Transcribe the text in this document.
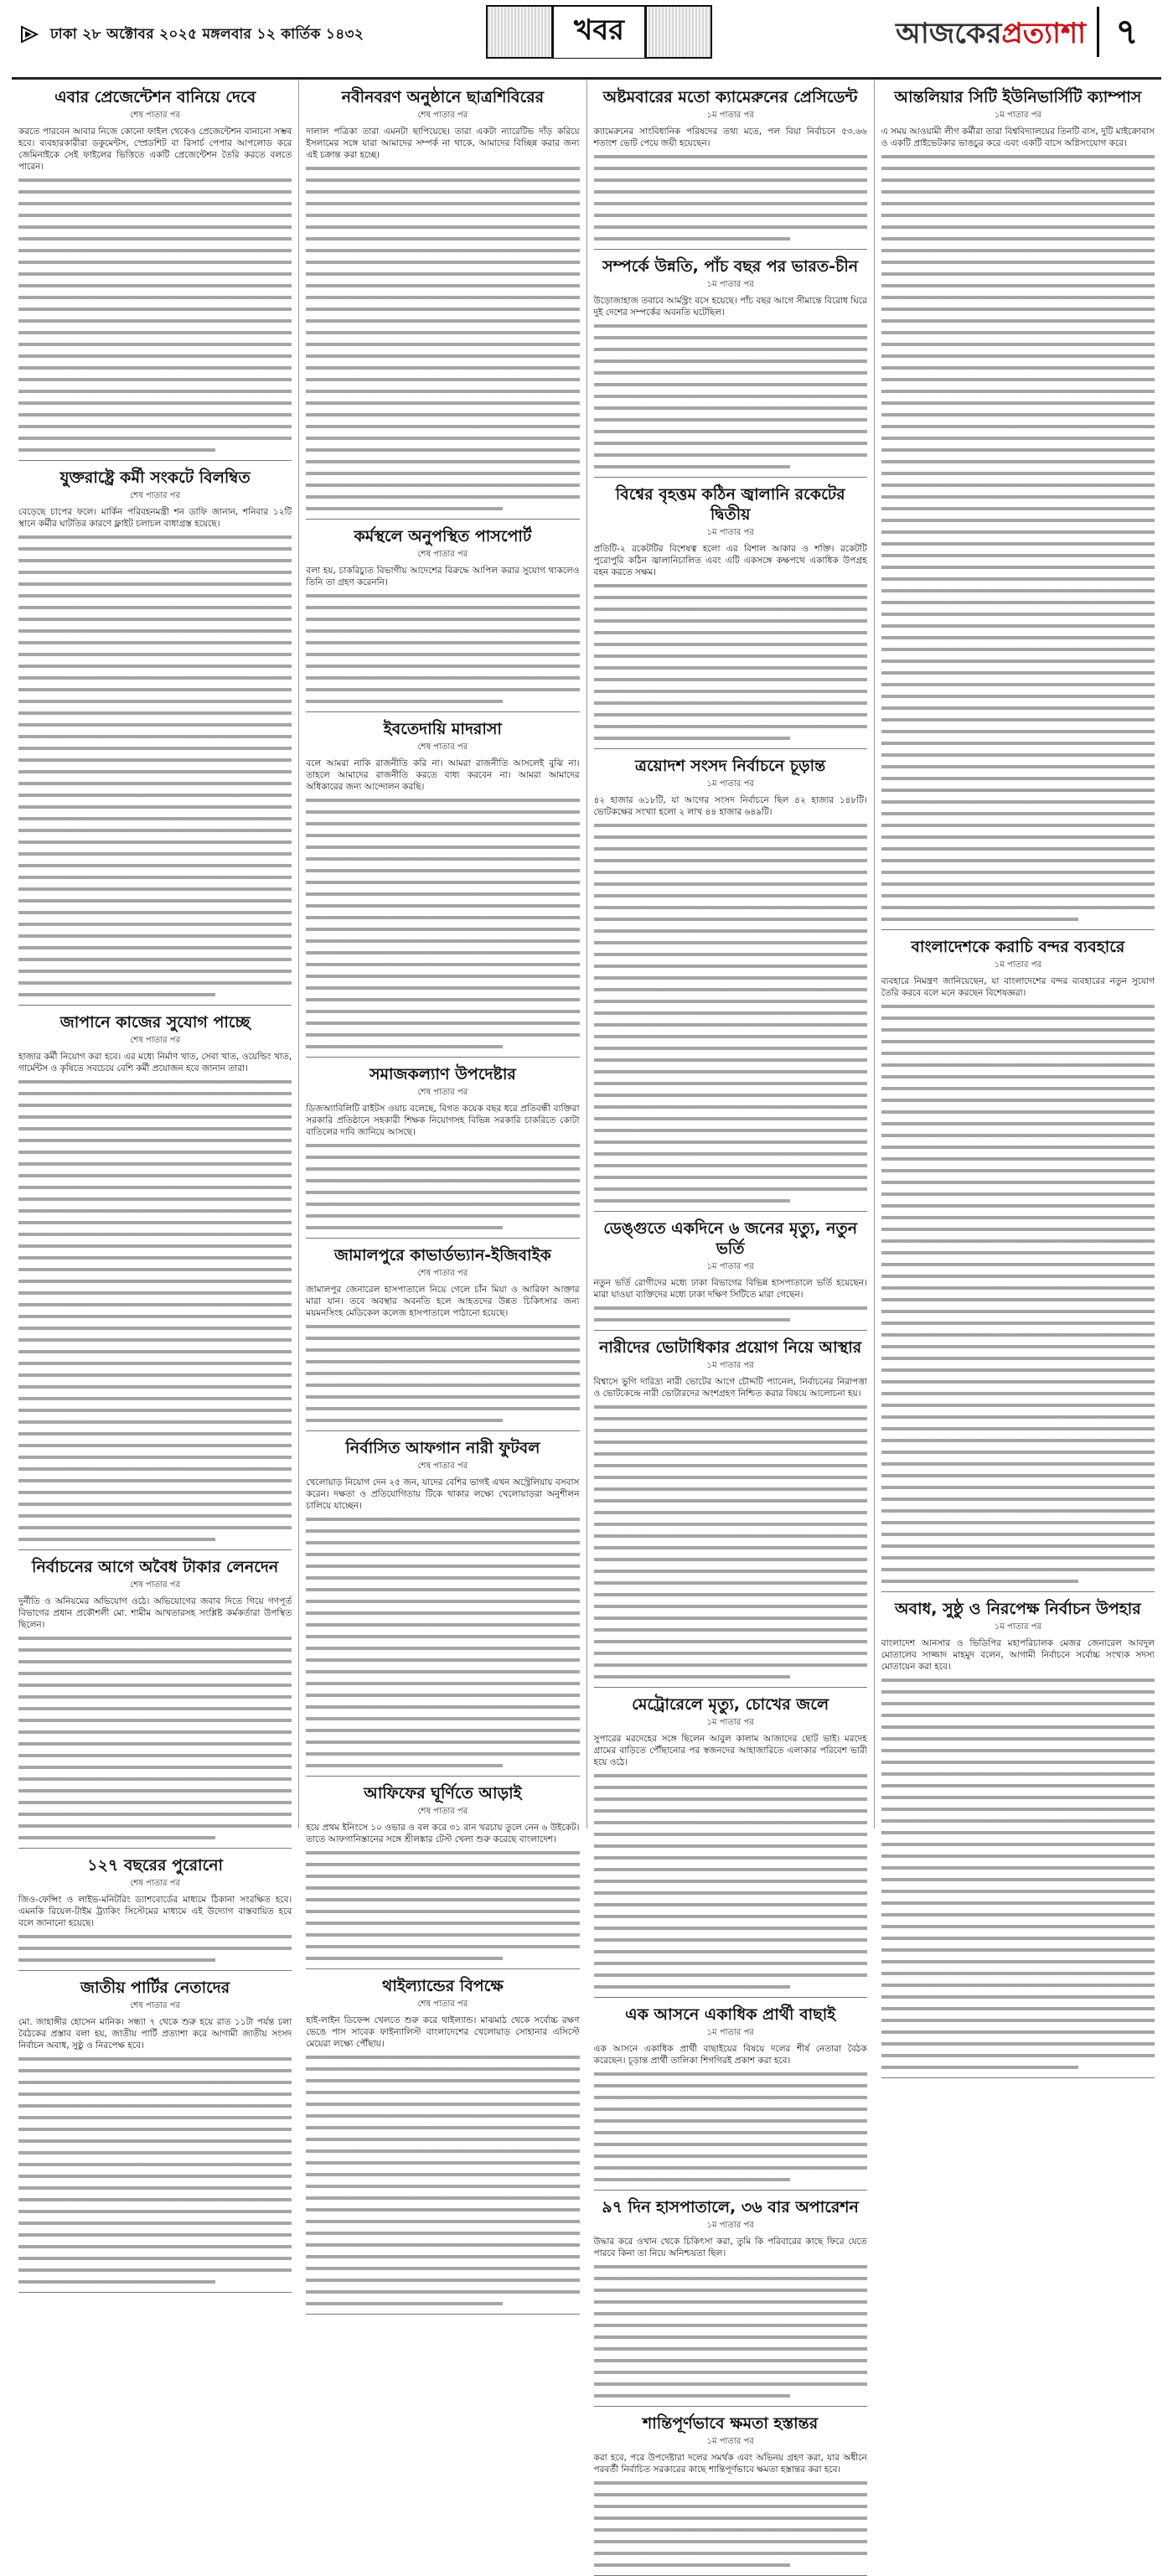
ঢাকা ২৮ অক্টোবর ২০২৫ মঙ্গলবার ১২ কার্তিক ১৪৩২	খবর	আজকেরপ্রত্যাশা ৭
এবার প্রেজেন্টেশন বানিয়ে দেবে
শেষ পাতার পর

করতে পারবেন আবার নিজে কোনো ফাইল থেকেও প্রেজেন্টেশন বানানো সম্ভব হবে। ব্যবহারকারীরা ডকুমেন্টস, স্প্রেডশিট বা রিসার্চ পেপার আপলোড করে জেমিনাইকে সেই ফাইলের ভিত্তিতে একটি প্রেজেন্টেশন তৈরি করতে বলতে পারেন।

যুক্তরাষ্ট্রে কর্মী সংকটে বিলম্বিত
শেষ পাতার পর

বেড়েছে চাপের ফলে। মার্কিন পরিবহনমন্ত্রী শন ডাফি জানান, শনিবার ১২টি স্থানে কর্মীর ঘাটতির কারণে ফ্লাইট চলাচল বাধাগ্রস্ত হয়েছে।

জাপানে কাজের সুযোগ পাচ্ছে
শেষ পাতার পর

হাজার কর্মী নিয়োগ করা হবে। এর মধ্যে নির্মাণ খাত, সেবা খাত, ওয়েল্ডিং খাত, গার্মেন্টস ও কৃষিতে সবচেয়ে বেশি কর্মী প্রয়োজন হবে জানান তারা।

নির্বাচনের আগে অবৈধ টাকার লেনদেন
শেষ পাতার পর

দুর্নীতি ও অনিয়মের অভিযোগ ওঠে। অভিযোগের জবাব দিতে গিয়ে গণপূর্ত বিভাগের প্রধান প্রকৌশলী মো. শামীম আখতারসহ সংশ্লিষ্ট কর্মকর্তারা উপস্থিত ছিলেন।

১২৭ বছরের পুরোনো
শেষ পাতার পর

জিও-ফেন্সিং ও লাইভ-মনিটরিং ড্যাশবোর্ডের মাধ্যমে ঠিকানা সংরক্ষিত হবে। এমনকি রিয়েল-টাইম ট্র্যাকিং সিস্টেমের মাধ্যমে এই উদ্যোগ বাস্তবায়িত হবে বলে জানানো হয়েছে।

জাতীয় পার্টির নেতাদের
শেষ পাতার পর

মো. জাহাঙ্গীর হোসেন মানিক। সন্ধ্যা ৭ থেকে শুরু হয়ে রাত ১১টা পর্যন্ত চলা বৈঠকের প্রস্তাব বলা হয়, জাতীয় পার্টি প্রত্যাশা করে আগামী জাতীয় সংসদ নির্বাচন অবাধ, সুষ্ঠু ও নিরপেক্ষ হবে।

নবীনবরণ অনুষ্ঠানে ছাত্রশিবিরের
শেষ পাতার পর

দালাল পত্রিকা তারা এমনটা ছাপিয়েছে। তারা একটা ন্যারেটিভ দাঁড় করিয়ে ইসলামের সঙ্গে যারা আমাদের সম্পর্ক না থাকে, আমাদের বিচ্ছিন্ন করার জন্য এই চক্রান্ত করা হচ্ছে।

কর্মস্থলে অনুপস্থিত পাসপোর্ট
শেষ পাতার পর

বলা হয়, চাকরিচ্যুত বিভাগীয় আদেশের বিরুদ্ধে আপিল করার সুযোগ থাকলেও তিনি তা গ্রহণ করেননি।

ইবতেদায়ি মাদরাসা
শেষ পাতার পর

বলে আমরা নাকি রাজনীতি করি না। আমরা রাজনীতি আসলেই বুঝি না। তাহলে আমাদের রাজনীতি করতে বাধ্য করবেন না। আমরা আমাদের অধিকারের জন্য আন্দোলন করছি।

সমাজকল্যাণ উপদেষ্টার
শেষ পাতার পর

ডিজঅ্যাবিলিটি রাইটস ওয়াচ বলেছে, বিগত কয়েক বছর ধরে প্রতিবন্ধী ব্যক্তিরা সরকারি প্রতিষ্ঠানে সহকারী শিক্ষক নিয়োগসহ বিভিন্ন সরকারি চাকরিতে কোটা বাতিলের দাবি জানিয়ে আসছে।

জামালপুরে কাভার্ডভ্যান-ইজিবাইক
শেষ পাতার পর

জামালপুর জেনারেল হাসপাতালে নিয়ে গেলে চাঁন মিয়া ও আরিফা আক্তার মারা যান। তবে অবস্থার অবনতি হলে আহতদের উন্নত চিকিৎসার জন্য ময়মনসিংহ মেডিকেল কলেজ হাসপাতালে পাঠানো হয়েছে।

নির্বাসিত আফগান নারী ফুটবল
শেষ পাতার পর

খেলোয়াড় নিয়োগ দেন ২৫ জন, যাদের বেশির ভাগই এখন অস্ট্রেলিয়ায় বসবাস করেন। দক্ষতা ও প্রতিযোগিতায় টিকে থাকার লক্ষ্যে খেলোয়াড়রা অনুশীলন চালিয়ে যাচ্ছেন।

আফিফের ঘূর্ণিতে আড়াই
শেষ পাতার পর

হয়ে প্রথম ইনিংসে ১০ ওভার ও বল করে ৩১ রান খরচায় তুলে নেন ৬ উইকেট। তাতে আফগানিস্তানের সঙ্গে শ্রীলঙ্কার টেস্ট খেলা শুরু করেছে বাংলাদেশ।

থাইল্যান্ডের বিপক্ষে
শেষ পাতার পর

হাই-লাইন ডিফেন্স খেলতে শুরু করে থাইল্যান্ড। মাঝমাঠ থেকে সর্বোচ্চ রক্ষণ ভেঙে পাস সাবেক ফাইন্যালিস্ট বাংলাদেশের খেলোয়াড় সোহানার এসিস্টে মেয়েরা লক্ষ্যে পৌঁছায়।

অষ্টমবারের মতো ক্যামেরুনের প্রেসিডেন্ট
১ম পাতার পর

ক্যামেরুনের সাংবিধানিক পরিষদের তথ্য মতে, পল বিয়া নির্বাচনে ৫৩.৬৬ শতাংশ ভোট পেয়ে জয়ী হয়েছেন।

সম্পর্কে উন্নতি, পাঁচ বছর পর ভারত-চীন
১ম পাতার পর

উড়োজাহাজ তবাবে আর্মস্ট্রং বসে হয়েছে। পাঁচ বছর আগে সীমান্তে বিরোধ ঘিরে দুই দেশের সম্পর্কের অবনতি ঘটেছিল।

বিশ্বের বৃহত্তম কঠিন জ্বালানি রকেটের দ্বিতীয়
১ম পাতার পর

প্রতিটি-২ রকেটটির বিশেষত্ব হলো এর বিশাল আকার ও শক্তি। রকেটটি পুরোপুরি কঠিন জ্বালানিচালিত এবং এটি একসঙ্গে কক্ষপথে একাধিক উপগ্রহ বহন করতে সক্ষম।

ত্রয়োদশ সংসদ নির্বাচনে চূড়ান্ত
১ম পাতার পর

৪২ হাজার ৬১৮টি, যা আগের সংসদ নির্বাচনে ছিল ৪২ হাজার ১৪৮টি। ভোটকক্ষের সংখ্যা হলো ২ লাখ ৪৪ হাজার ৬৪৯টি।

ডেঙ্গুতে একদিনে ৬ জনের মৃত্যু, নতুন ভর্তি
১ম পাতার পর

নতুন ভর্তি রোগীদের মধ্যে ঢাকা বিভাগের বিভিন্ন হাসপাতালে ভর্তি হয়েছেন। মারা যাওয়া ব্যক্তিদের মধ্যে ঢাকা দক্ষিণ সিটিতে মারা গেছেন।

নারীদের ভোটাধিকার প্রয়োগ নিয়ে আস্থার
১ম পাতার পর

বিশ্বাসে ভুগি দারিদ্র্য নারী ভোটের আগে চৌদ্দটি প্যানেল, নির্বাচনের নিরাপত্তা ও ভোটকেন্দ্রে নারী ভোটারদের অংশগ্রহণ নিশ্চিত করার বিষয়ে আলোচনা হয়।

মেট্রোরেলে মৃত্যু, চোখের জলে
১ম পাতার পর

সুপারের মরদেহের সঙ্গে ছিলেন আবুল কালাম আজাদের ছোট ভাই। মরদেহ গ্রামের বাড়িতে পৌঁছানোর পর স্বজনদের আহাজারিতে এলাকার পরিবেশ ভারী হয়ে ওঠে।

এক আসনে একাধিক প্রার্থী বাছাই
১ম পাতার পর

এক আসনে একাধিক প্রার্থী বাছাইয়ের বিষয়ে দলের শীর্ষ নেতারা বৈঠক করেছেন। চূড়ান্ত প্রার্থী তালিকা শিগগিরই প্রকাশ করা হবে।

৯৭ দিন হাসপাতালে, ৩৬ বার অপারেশন
১ম পাতার পর

উদ্ধার করে ওখান থেকে চিকিৎসা করা, তুমি কি পরিবারের কাছে ফিরে যেতে পারবে কিনা তা নিয়ে অনিশ্চয়তা ছিল।

শান্তিপূর্ণভাবে ক্ষমতা হস্তান্তর
১ম পাতার পর

করা হবে, পরে উপদেষ্টারা দলের সমর্থক এবং অভিনয় গ্রহণ করা, যার অধীনে পরবর্তী নির্বাচিত সরকারের কাছে শান্তিপূর্ণভাবে ক্ষমতা হস্তান্তর করা হবে।

আন্তলিয়ার সিটি ইউনিভার্সিটি ক্যাম্পাস
১ম পাতার পর

এ সময় আওয়ামী লীগ কর্মীরা তারা বিশ্ববিদ্যালয়ের তিনটি বাস, দুটি মাইক্রোবাস ও একটি প্রাইভেটকার ভাঙচুর করে এবং একটি বাসে অগ্নিসংযোগ করে।

বাংলাদেশকে করাচি বন্দর ব্যবহারে
১ম পাতার পর

ব্যবহারে নিমন্ত্রণ জানিয়েছেন, যা বাংলাদেশের বন্দর ব্যবহারের নতুন সুযোগ তৈরি করবে বলে মনে করছেন বিশেষজ্ঞরা।

অবাধ, সুষ্ঠু ও নিরপেক্ষ নির্বাচন উপহার
১ম পাতার পর

বাংলাদেশ আনসার ও ভিডিপির মহাপরিচালক মেজর জেনারেল আবদুল মোতালেব সাজ্জাদ মাহমুদ বলেন, আগামী নির্বাচনে সর্বোচ্চ সংখ্যক সদস্য মোতায়েন করা হবে।
